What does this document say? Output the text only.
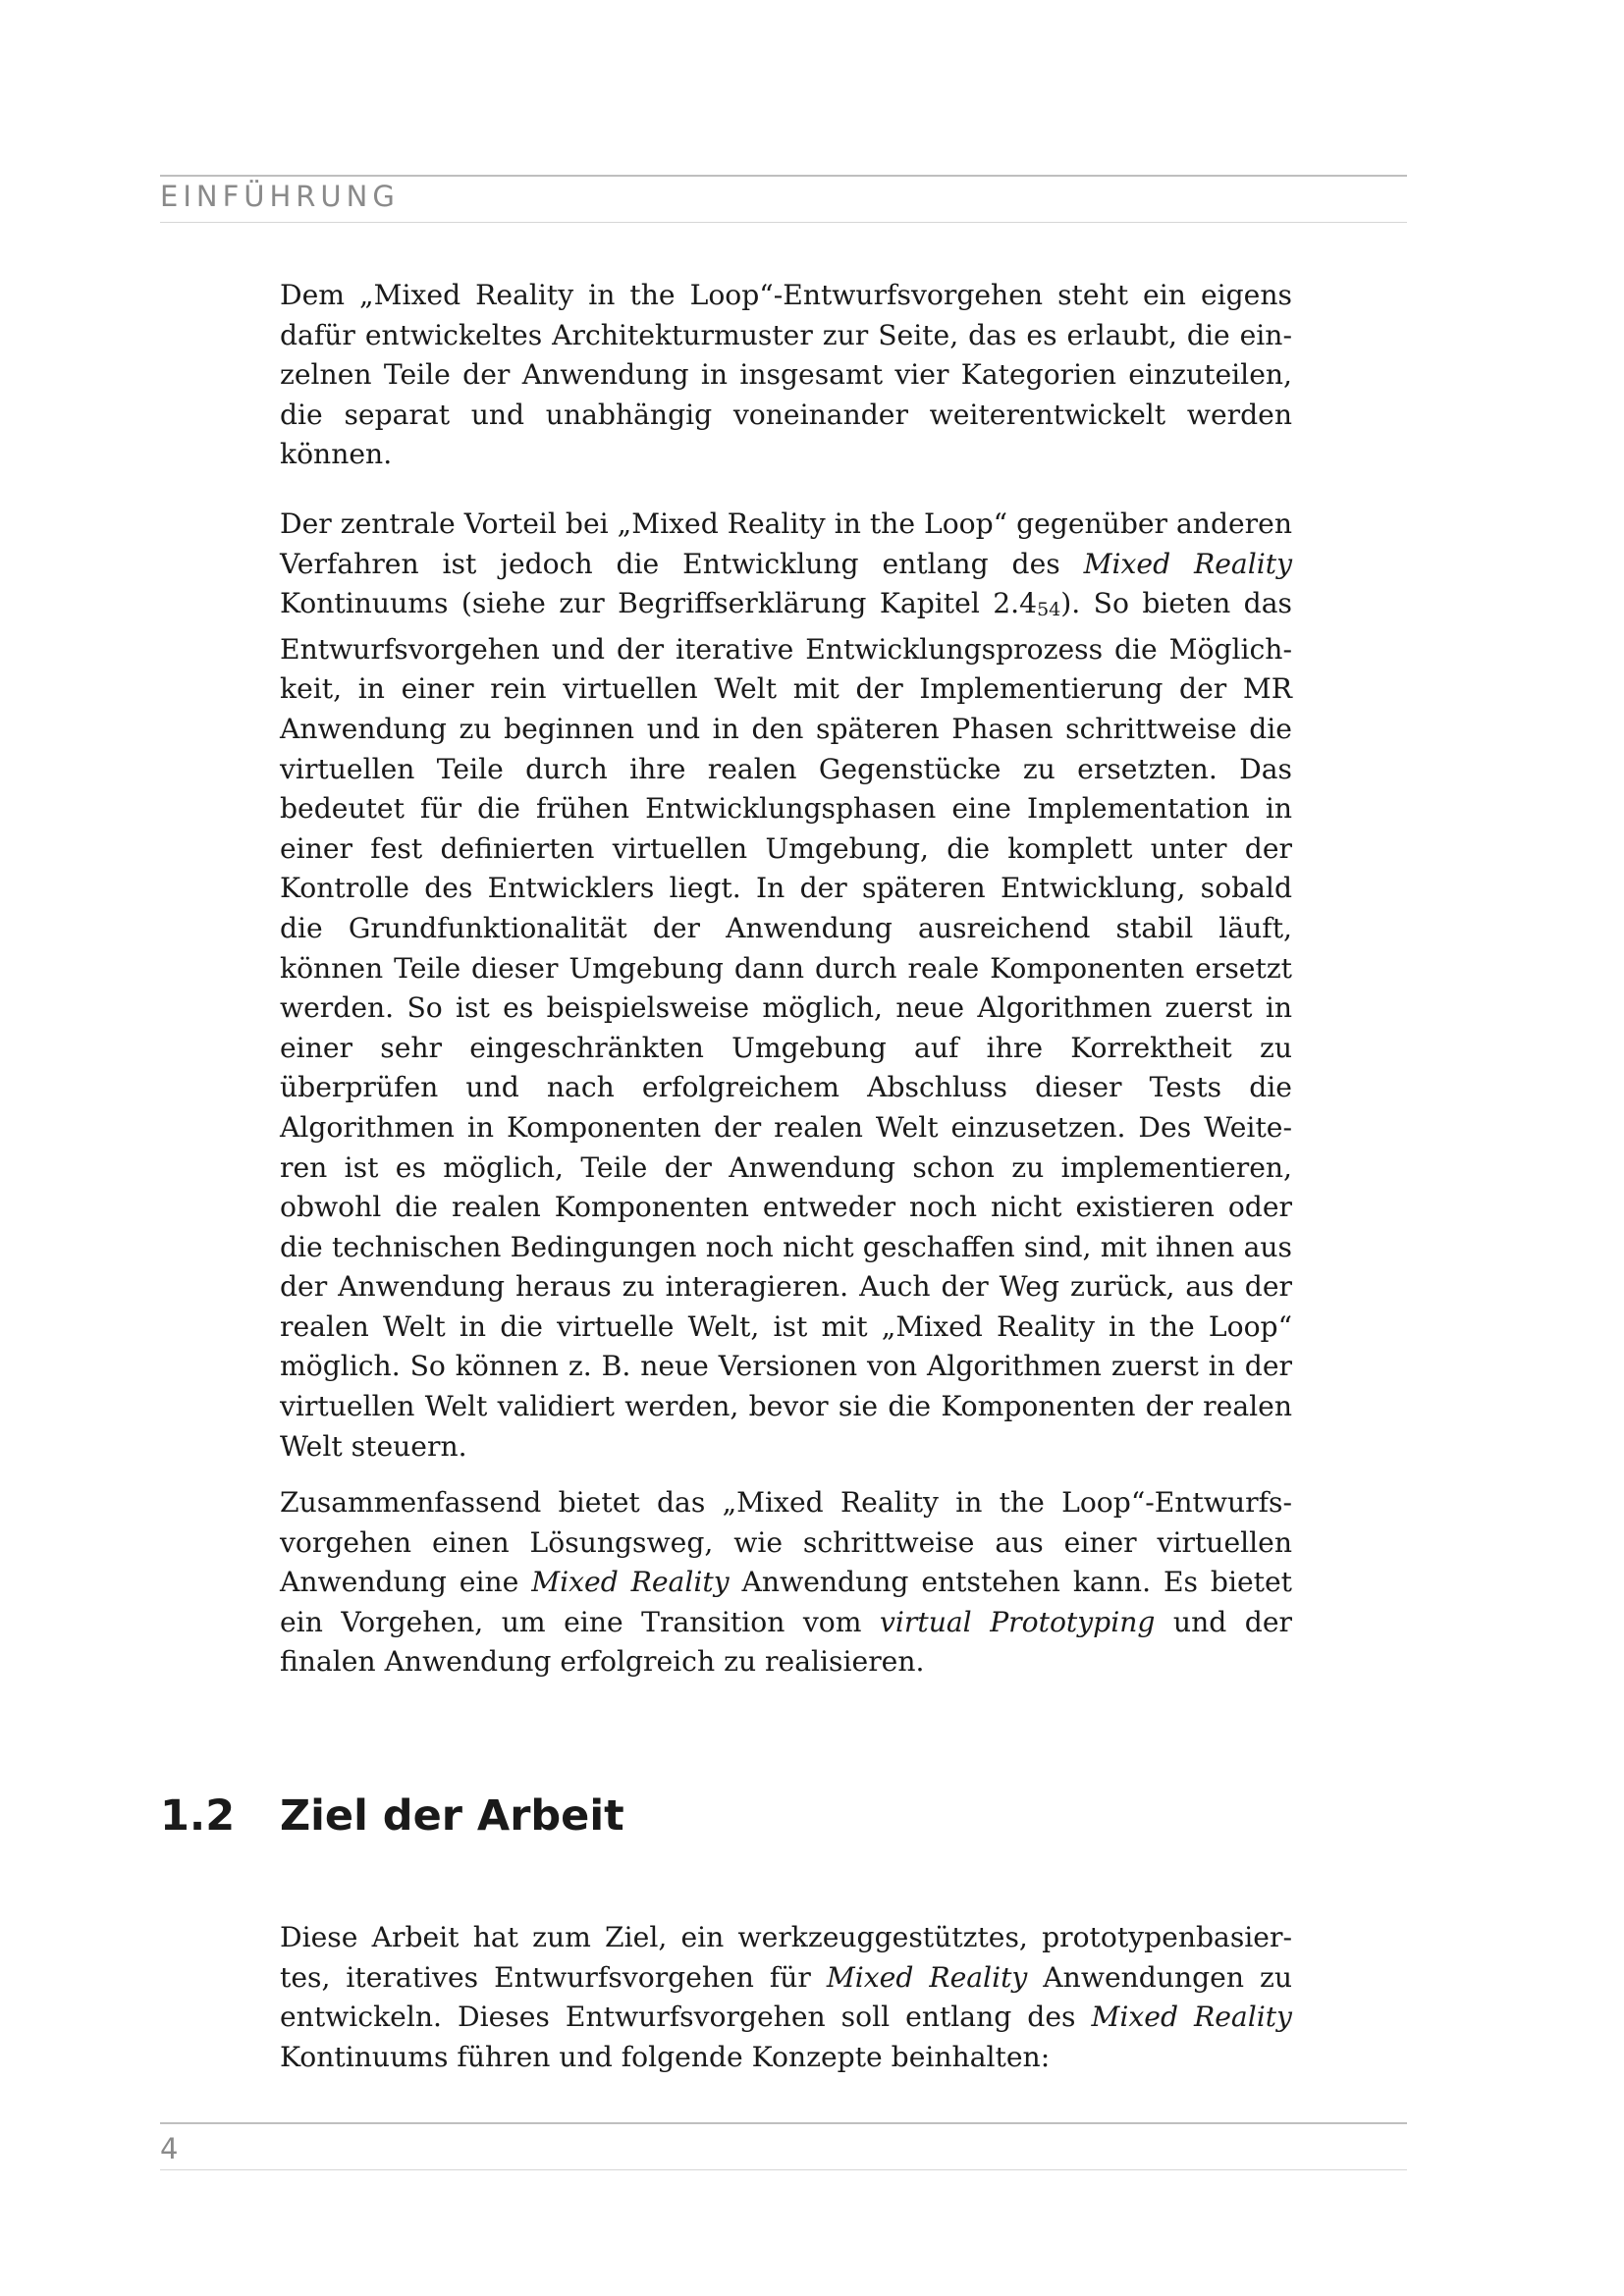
EINFÜHRUNG

Dem „Mixed Reality in the Loop“-Entwurfsvorgehen steht ein eigens dafür entwickeltes Architekturmuster zur Seite, das es erlaubt, die einzelnen Teile der Anwendung in insgesamt vier Kategorien einzuteilen, die separat und unabhängig voneinander weiterentwickelt werden können.

Der zentrale Vorteil bei „Mixed Reality in the Loop“ gegenüber anderen Verfahren ist jedoch die Entwicklung entlang des Mixed Reality Kontinuums (siehe zur Begriffserklärung Kapitel $2.4_{54}$). So bieten das Entwurfsvorgehen und der iterative Entwicklungsprozess die Möglichkeit, in einer rein virtuellen Welt mit der Implementierung der MR Anwendung zu beginnen und in den späteren Phasen schrittweise die virtuellen Teile durch ihre realen Gegenstücke zu ersetzten. Das bedeutet für die frühen Entwicklungsphasen eine Implementation in einer fest definierten virtuellen Umgebung, die komplett unter der Kontrolle des Entwicklers liegt. In der späteren Entwicklung, sobald die Grundfunktionalität der Anwendung ausreichend stabil läuft, können Teile dieser Umgebung dann durch reale Komponenten ersetzt werden. So ist es beispielsweise möglich, neue Algorithmen zuerst in einer sehr eingeschränkten Umgebung auf ihre Korrektheit zu überprüfen und nach erfolgreichem Abschluss dieser Tests die Algorithmen in Komponenten der realen Welt einzusetzen. Des Weiteren ist es möglich, Teile der Anwendung schon zu implementieren, obwohl die realen Komponenten entweder noch nicht existieren oder die technischen Bedingungen noch nicht geschaffen sind, mit ihnen aus der Anwendung heraus zu interagieren. Auch der Weg zurück, aus der realen Welt in die virtuelle Welt, ist mit „Mixed Reality in the Loop“ möglich. So können z. B. neue Versionen von Algorithmen zuerst in der virtuellen Welt validiert werden, bevor sie die Komponenten der realen Welt steuern.

Zusammenfassend bietet das „Mixed Reality in the Loop“-Entwurfsvorgehen einen Lösungsweg, wie schrittweise aus einer virtuellen Anwendung eine Mixed Reality Anwendung entstehen kann. Es bietet ein Vorgehen, um eine Transition vom virtual Prototyping und der finalen Anwendung erfolgreich zu realisieren.

1.2 Ziel der Arbeit

Diese Arbeit hat zum Ziel, ein werkzeuggestütztes, prototypenbasiertes, iteratives Entwurfsvorgehen für Mixed Reality Anwendungen zu entwickeln. Dieses Entwurfsvorgehen soll entlang des Mixed Reality Kontinuums führen und folgende Konzepte beinhalten:

4
